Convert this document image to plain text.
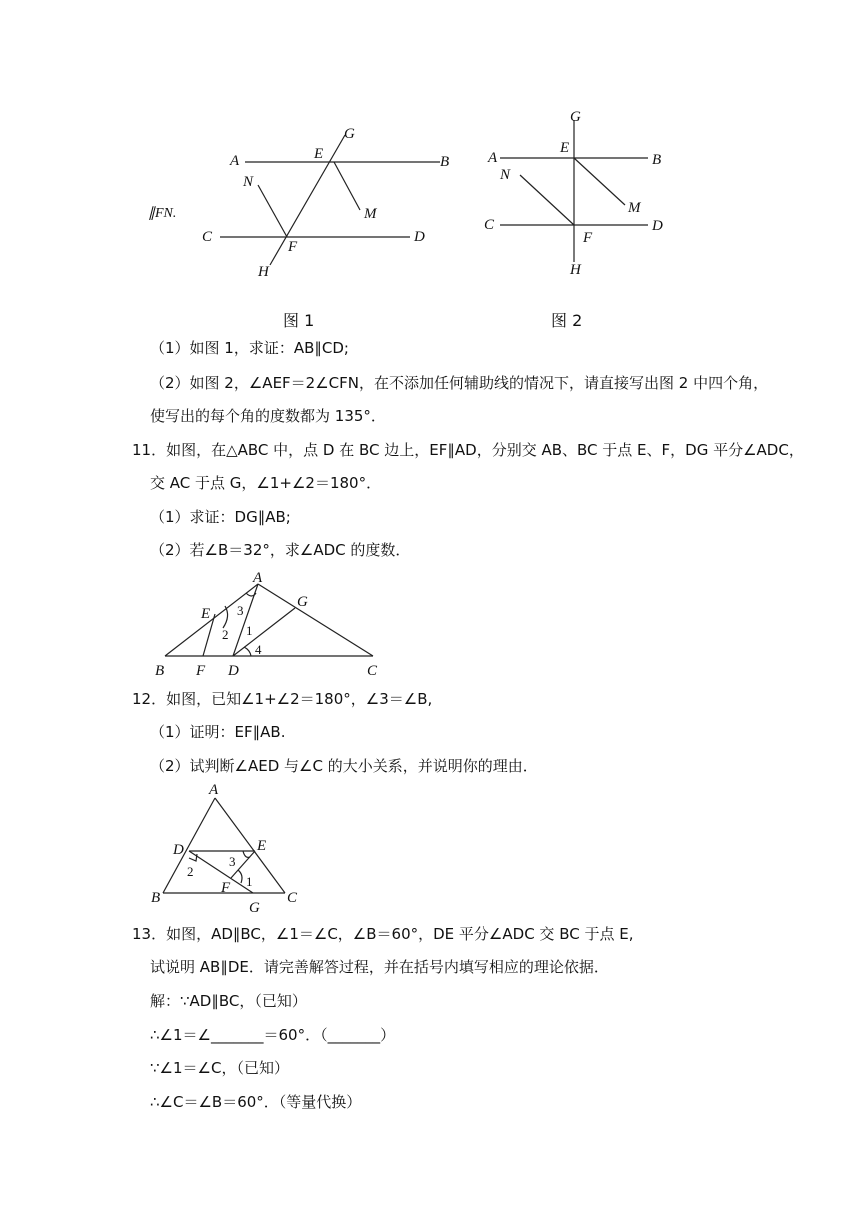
A	B
C	D
E
F
G
H
M
N
∥FN.
A	B
C	D
E
F
G
H
M
N
图 1	图 2
（1）如图 1，求证：AB∥CD;
（2）如图 2，∠AEF＝2∠CFN，在不添加任何辅助线的情况下，请直接写出图 2 中四个角，
使写出的每个角的度数都为 135°．
11．如图，在△ABC 中，点 D 在 BC 边上，EF∥AD，分别交 AB、BC 于点 E、F，DG 平分∠ADC，
交 AC 于点 G，∠1+∠2＝180°．
（1）求证：DG∥AB;
（2）若∠B＝32°，求∠ADC 的度数．
A
B	C
D
E
F
G
1
2
3
4
12．如图，已知∠1+∠2＝180°，∠3＝∠B,
（1）证明：EF∥AB.
（2）试判断∠AED 与∠C 的大小关系，并说明你的理由．
A
B	C
D	E
F
G
1
2
3
13．如图，AD∥BC，∠1＝∠C，∠B＝60°，DE 平分∠ADC 交 BC 于点 E,
试说明 AB∥DE．请完善解答过程，并在括号内填写相应的理论依据．
解：∵AD∥BC，（已知）
∴∠1＝∠_______＝60°．（_______）
∵∠1＝∠C，（已知）
∴∠C＝∠B＝60°．（等量代换）
